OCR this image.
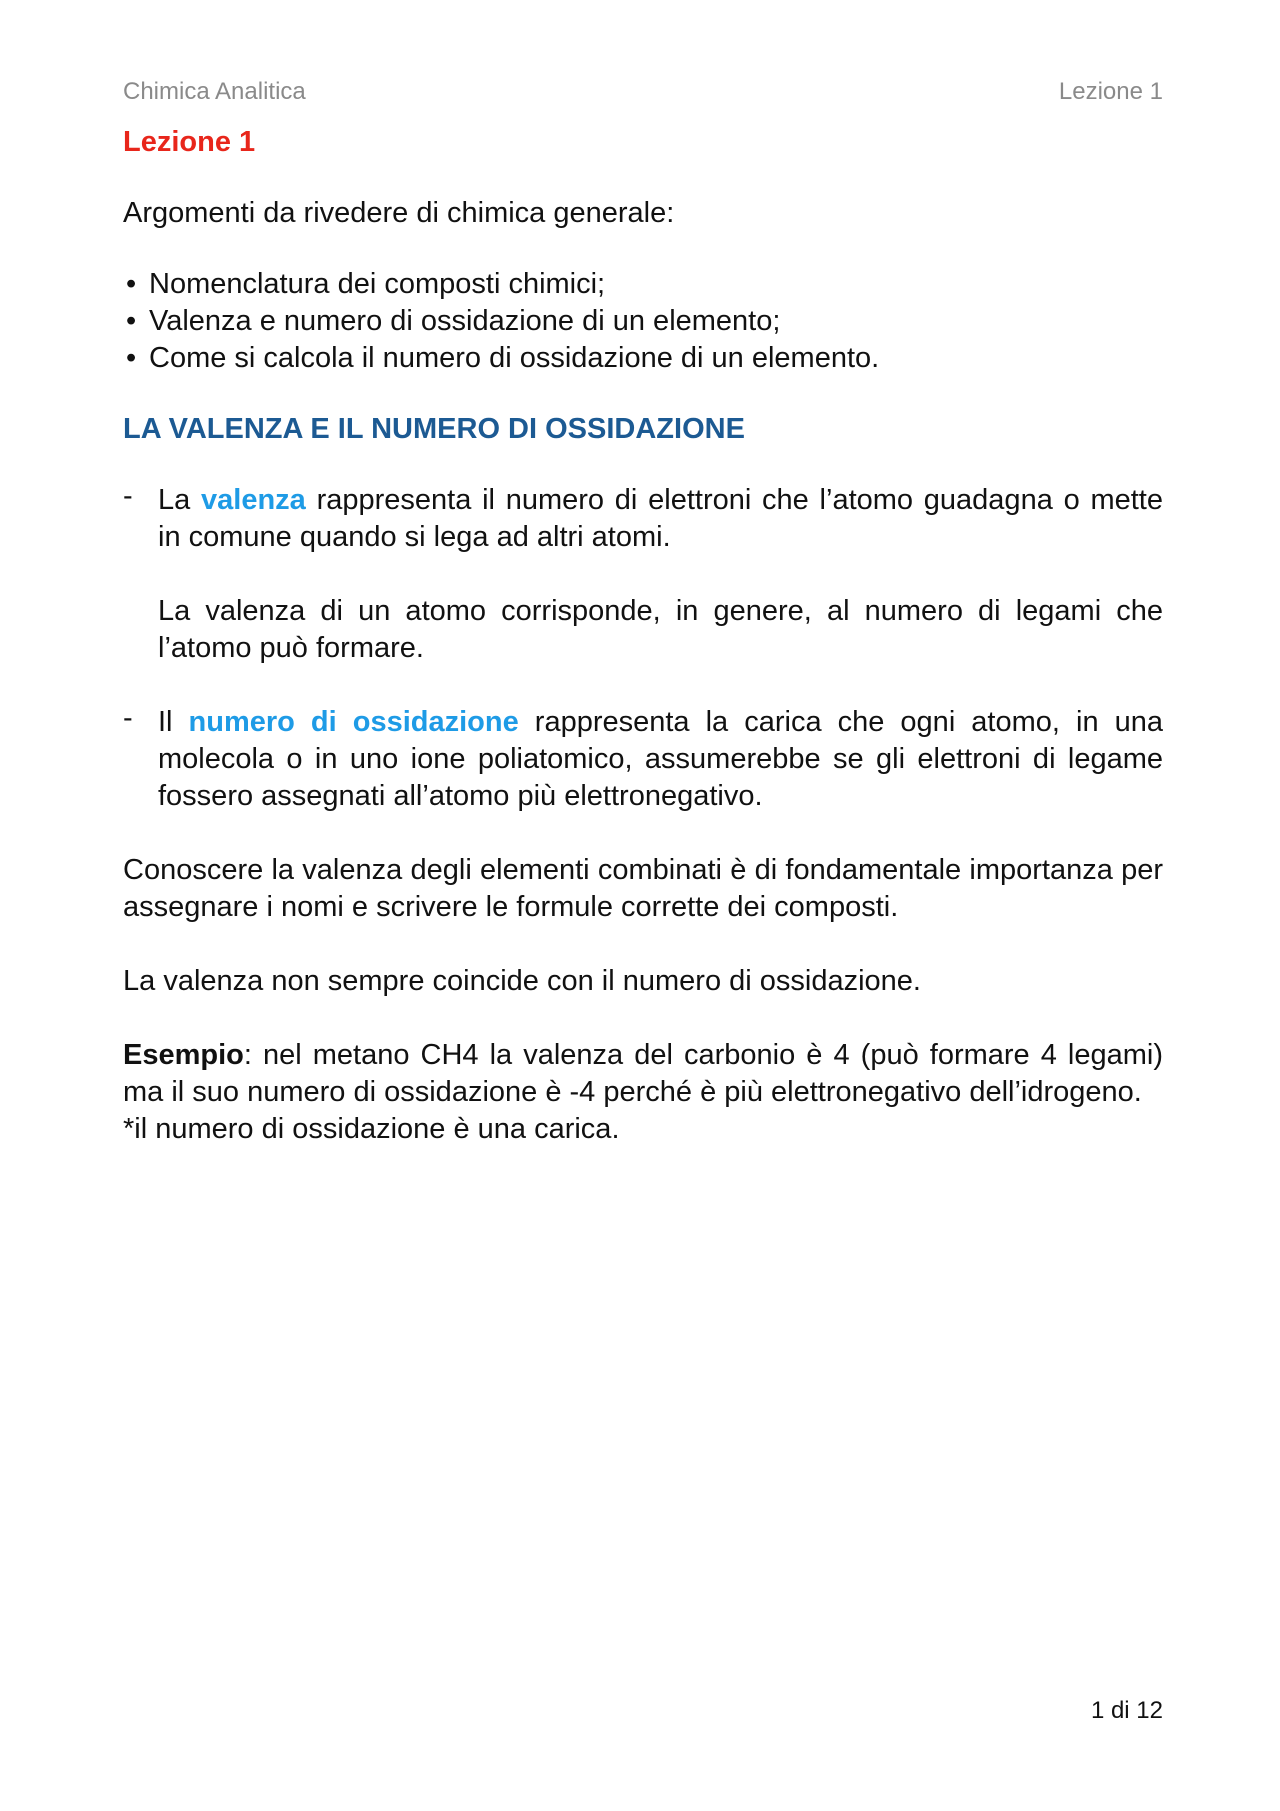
Chimica Analitica	Lezione 1
Lezione 1

Argomenti da rivedere di chimica generale:

• Nomenclatura dei composti chimici;
• Valenza e numero di ossidazione di un elemento;
• Come si calcola il numero di ossidazione di un elemento.
LA VALENZA E IL NUMERO DI OSSIDAZIONE
- La valenza rappresenta il numero di elettroni che l’atomo guadagna o mette in comune quando si lega ad altri atomi.

La valenza di un atomo corrisponde, in genere, al numero di legami che l’atomo può formare.

- Il numero di ossidazione rappresenta la carica che ogni atomo, in una molecola o in uno ione poliatomico, assumerebbe se gli elettroni di legame fossero assegnati all’atomo più elettronegativo.

Conoscere la valenza degli elementi combinati è di fondamentale importanza per assegnare i nomi e scrivere le formule corrette dei composti.

La valenza non sempre coincide con il numero di ossidazione.

Esempio: nel metano CH4 la valenza del carbonio è 4 (può formare 4 legami) ma il suo numero di ossidazione è -4 perché è più elettronegativo dell’idrogeno.

*il numero di ossidazione è una carica.

1 di 12
